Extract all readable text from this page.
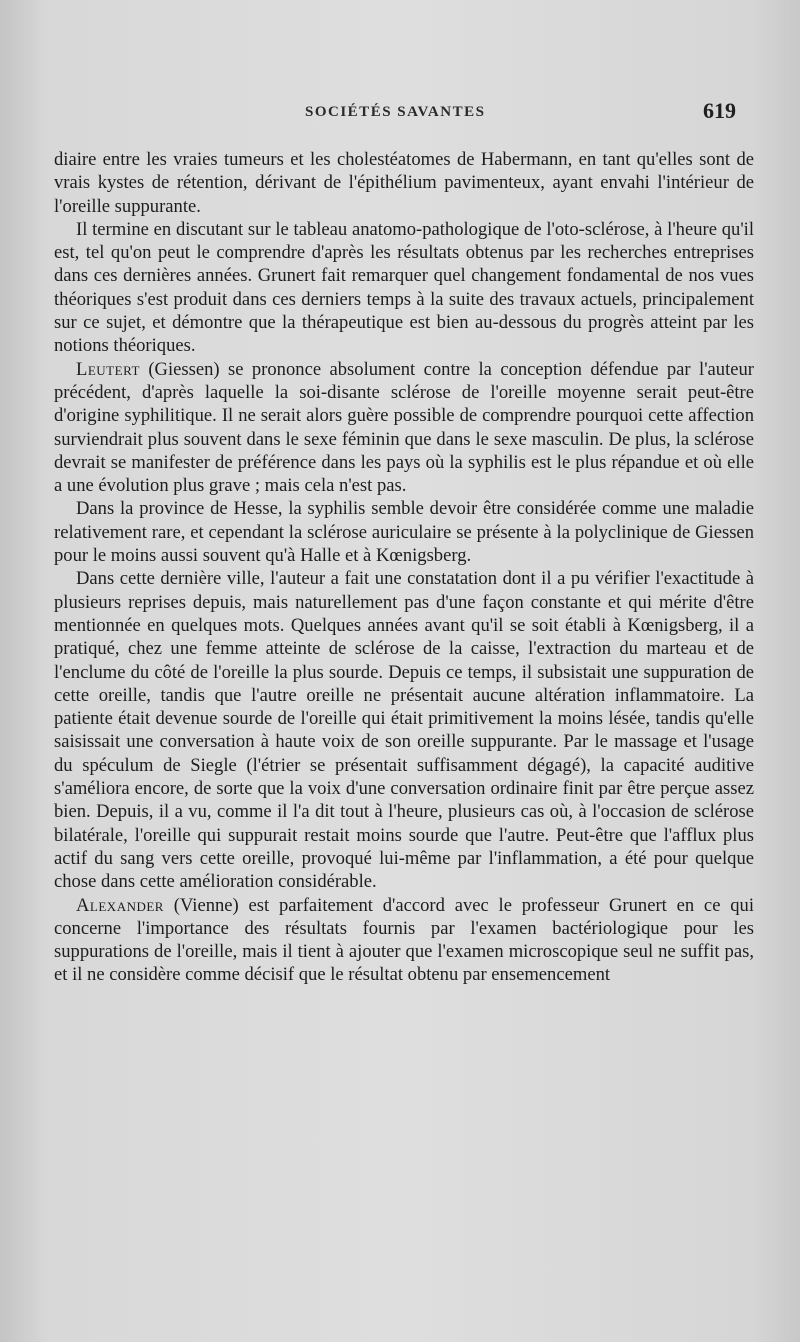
SOCIÉTÉS SAVANTES	619

diaire entre les vraies tumeurs et les cholestéatomes de Habermann, en tant qu'elles sont de vrais kystes de rétention, dérivant de l'épithélium pavimenteux, ayant envahi l'intérieur de l'oreille suppurante.

Il termine en discutant sur le tableau anatomo-pathologique de l'oto-sclérose, à l'heure qu'il est, tel qu'on peut le comprendre d'après les résultats obtenus par les recherches entreprises dans ces dernières années. Grunert fait remarquer quel changement fondamental de nos vues théoriques s'est produit dans ces derniers temps à la suite des travaux actuels, principalement sur ce sujet, et démontre que la thérapeutique est bien au-dessous du progrès atteint par les notions théoriques.

Leutert (Giessen) se prononce absolument contre la conception défendue par l'auteur précédent, d'après laquelle la soi-disante sclérose de l'oreille moyenne serait peut-être d'origine syphilitique. Il ne serait alors guère possible de comprendre pourquoi cette affection surviendrait plus souvent dans le sexe féminin que dans le sexe masculin. De plus, la sclérose devrait se manifester de préférence dans les pays où la syphilis est le plus répandue et où elle a une évolution plus grave ; mais cela n'est pas.

Dans la province de Hesse, la syphilis semble devoir être considérée comme une maladie relativement rare, et cependant la sclérose auriculaire se présente à la polyclinique de Giessen pour le moins aussi souvent qu'à Halle et à Kœnigsberg.

Dans cette dernière ville, l'auteur a fait une constatation dont il a pu vérifier l'exactitude à plusieurs reprises depuis, mais naturellement pas d'une façon constante et qui mérite d'être mentionnée en quelques mots. Quelques années avant qu'il se soit établi à Kœnigsberg, il a pratiqué, chez une femme atteinte de sclérose de la caisse, l'extraction du marteau et de l'enclume du côté de l'oreille la plus sourde. Depuis ce temps, il subsistait une suppuration de cette oreille, tandis que l'autre oreille ne présentait aucune altération inflammatoire. La patiente était devenue sourde de l'oreille qui était primitivement la moins lésée, tandis qu'elle saisissait une conversation à haute voix de son oreille suppurante. Par le massage et l'usage du spéculum de Siegle (l'étrier se présentait suffisamment dégagé), la capacité auditive s'améliora encore, de sorte que la voix d'une conversation ordinaire finit par être perçue assez bien. Depuis, il a vu, comme il l'a dit tout à l'heure, plusieurs cas où, à l'occasion de sclérose bilatérale, l'oreille qui suppurait restait moins sourde que l'autre. Peut-être que l'afflux plus actif du sang vers cette oreille, provoqué lui-même par l'inflammation, a été pour quelque chose dans cette amélioration considérable.

Alexander (Vienne) est parfaitement d'accord avec le professeur Grunert en ce qui concerne l'importance des résultats fournis par l'examen bactériologique pour les suppurations de l'oreille, mais il tient à ajouter que l'examen microscopique seul ne suffit pas, et il ne considère comme décisif que le résultat obtenu par ensemencement
